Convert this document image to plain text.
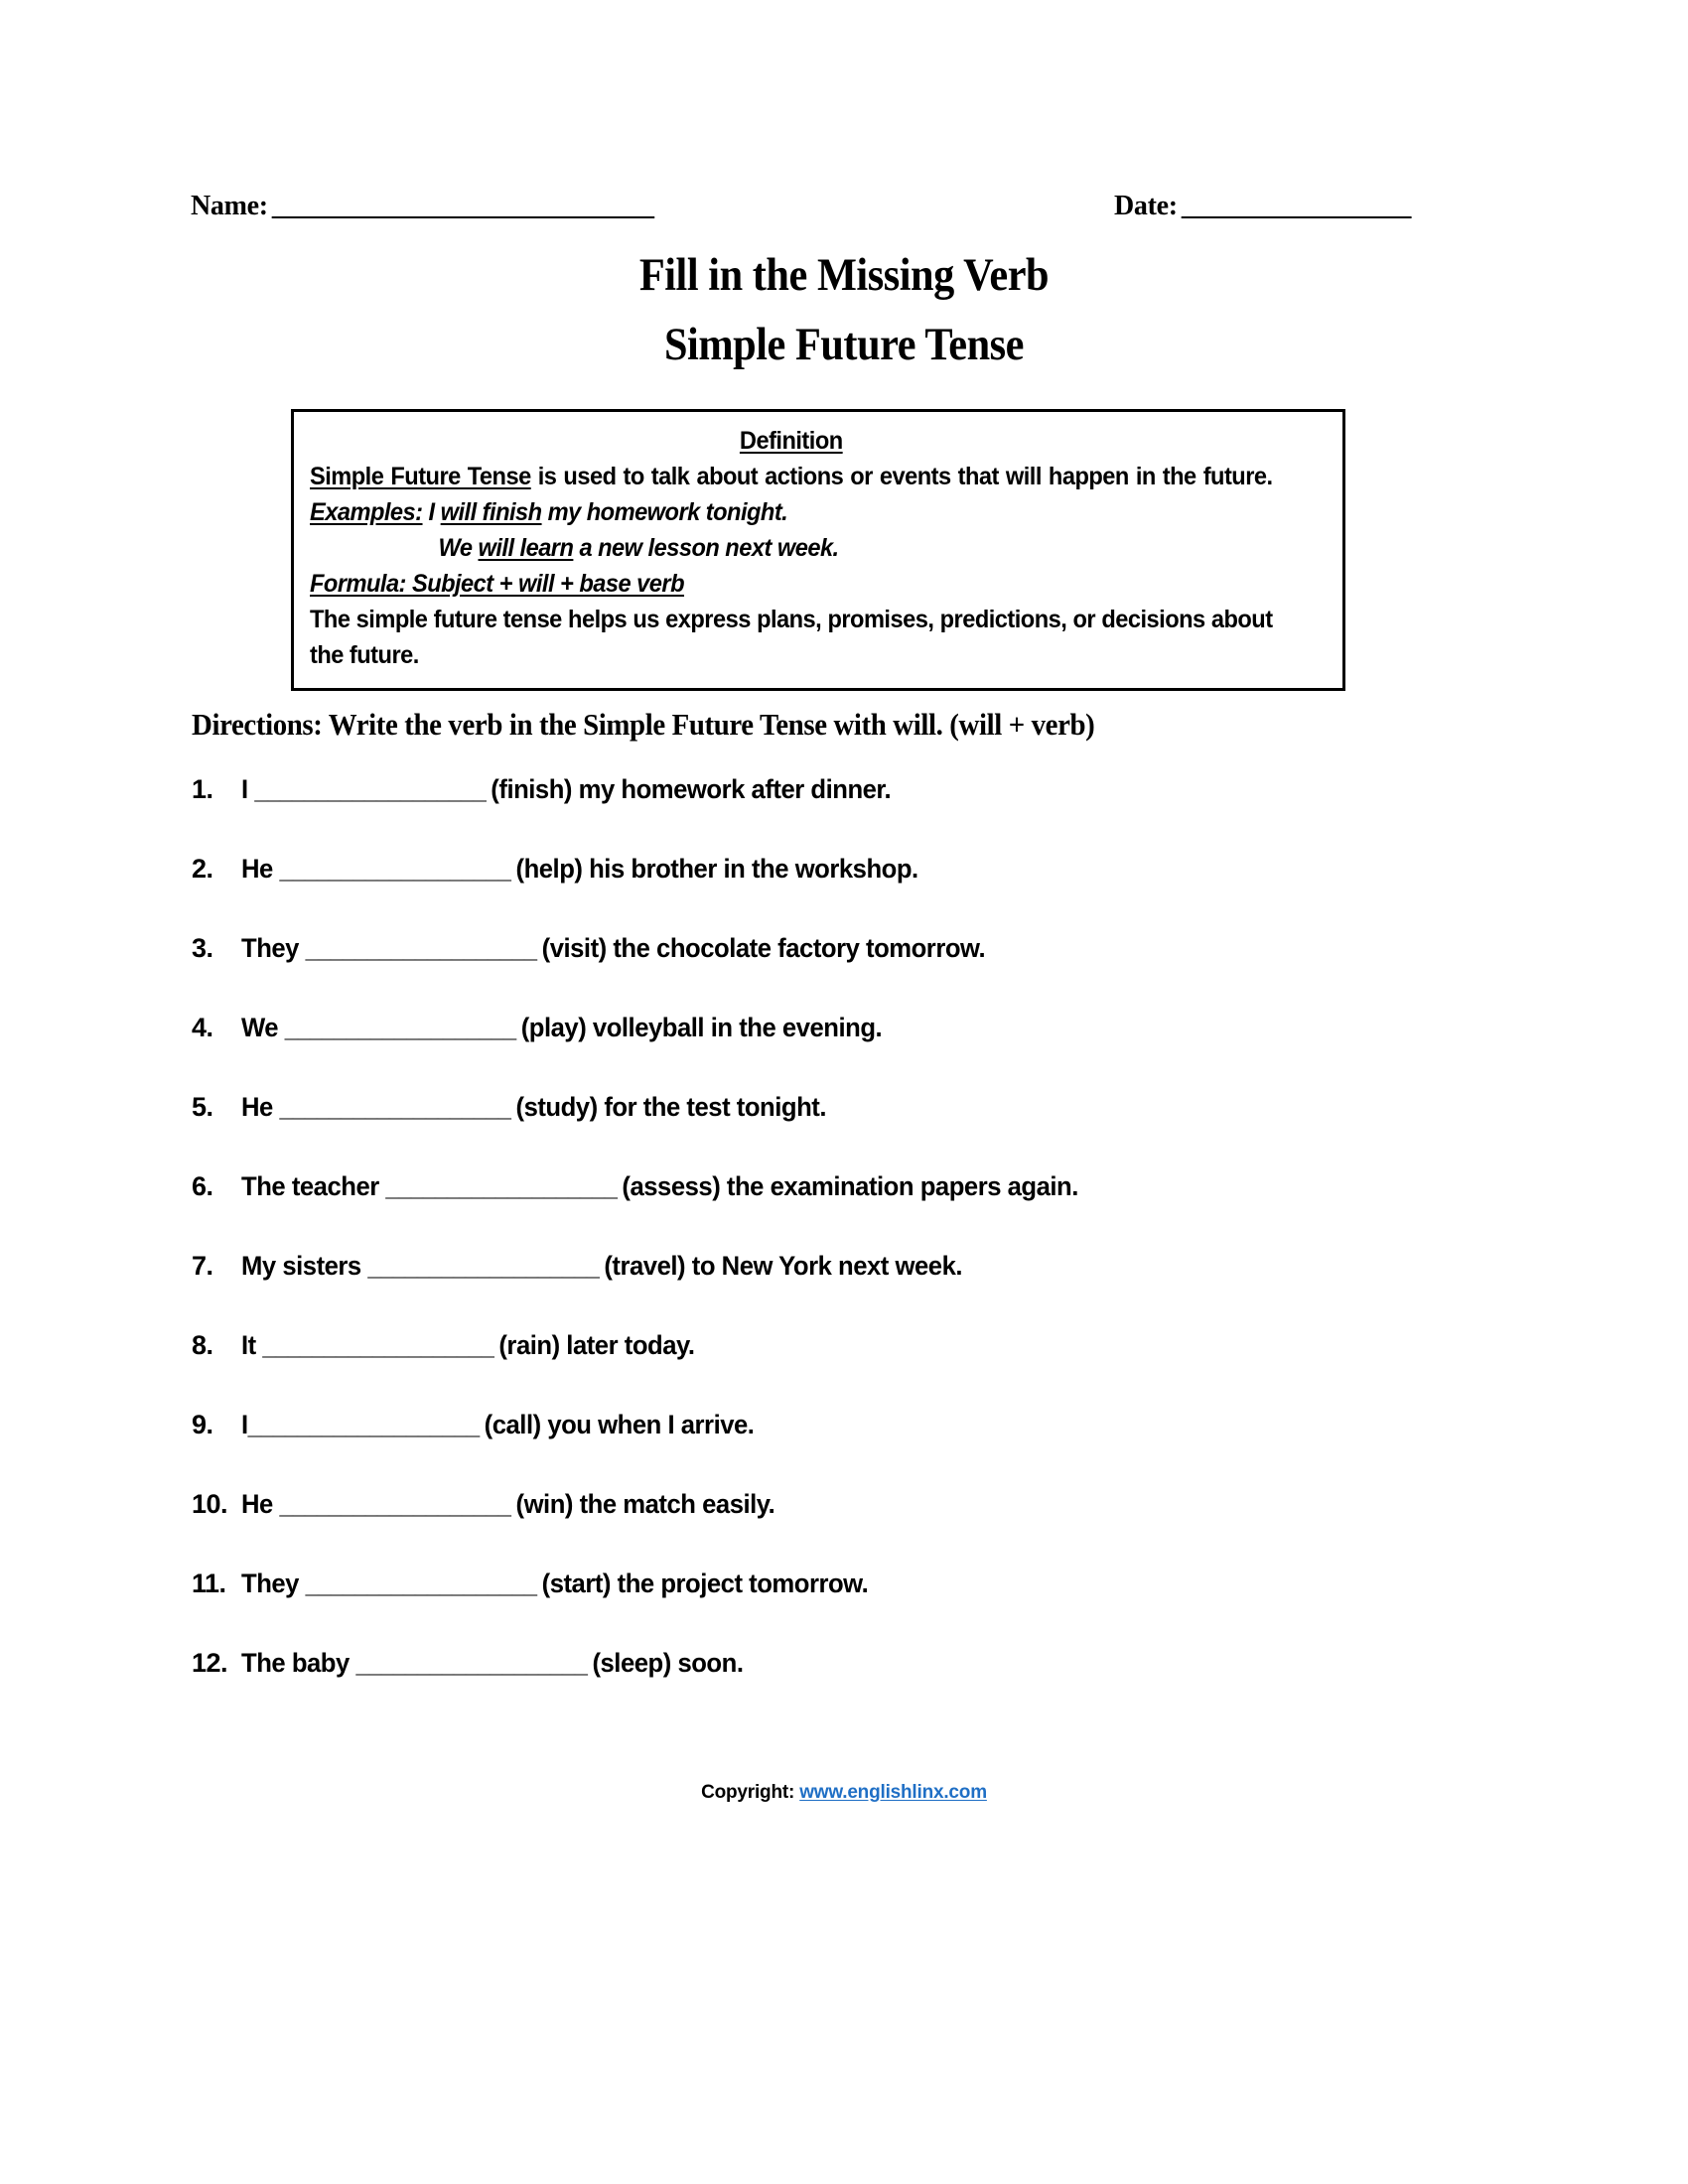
Name: ______________________________	Date: __________________
Fill in the Missing Verb
Simple Future Tense
Definition
Simple Future Tense is used to talk about actions or events that will happen in the future. Examples: I will finish my homework tonight.
We will learn a new lesson next week.
Formula: Subject + will + base verb
The simple future tense helps us express plans, promises, predictions, or decisions about the future.
Directions: Write the verb in the Simple Future Tense with will. (will + verb)
1.	I ___________________ (finish) my homework after dinner.
2.	He ___________________ (help) his brother in the workshop.
3.	They ___________________ (visit) the chocolate factory tomorrow.
4.	We ___________________ (play) volleyball in the evening.
5.	He ___________________ (study) for the test tonight.
6.	The teacher ___________________ (assess) the examination papers again.
7.	My sisters ___________________ (travel) to New York next week.
8.	It ___________________ (rain) later today.
9.	I___________________ (call) you when I arrive.
10. He ___________________ (win) the match easily.
11. They ___________________ (start) the project tomorrow.
12. The baby ___________________ (sleep) soon.
Copyright: www.englishlinx.com
